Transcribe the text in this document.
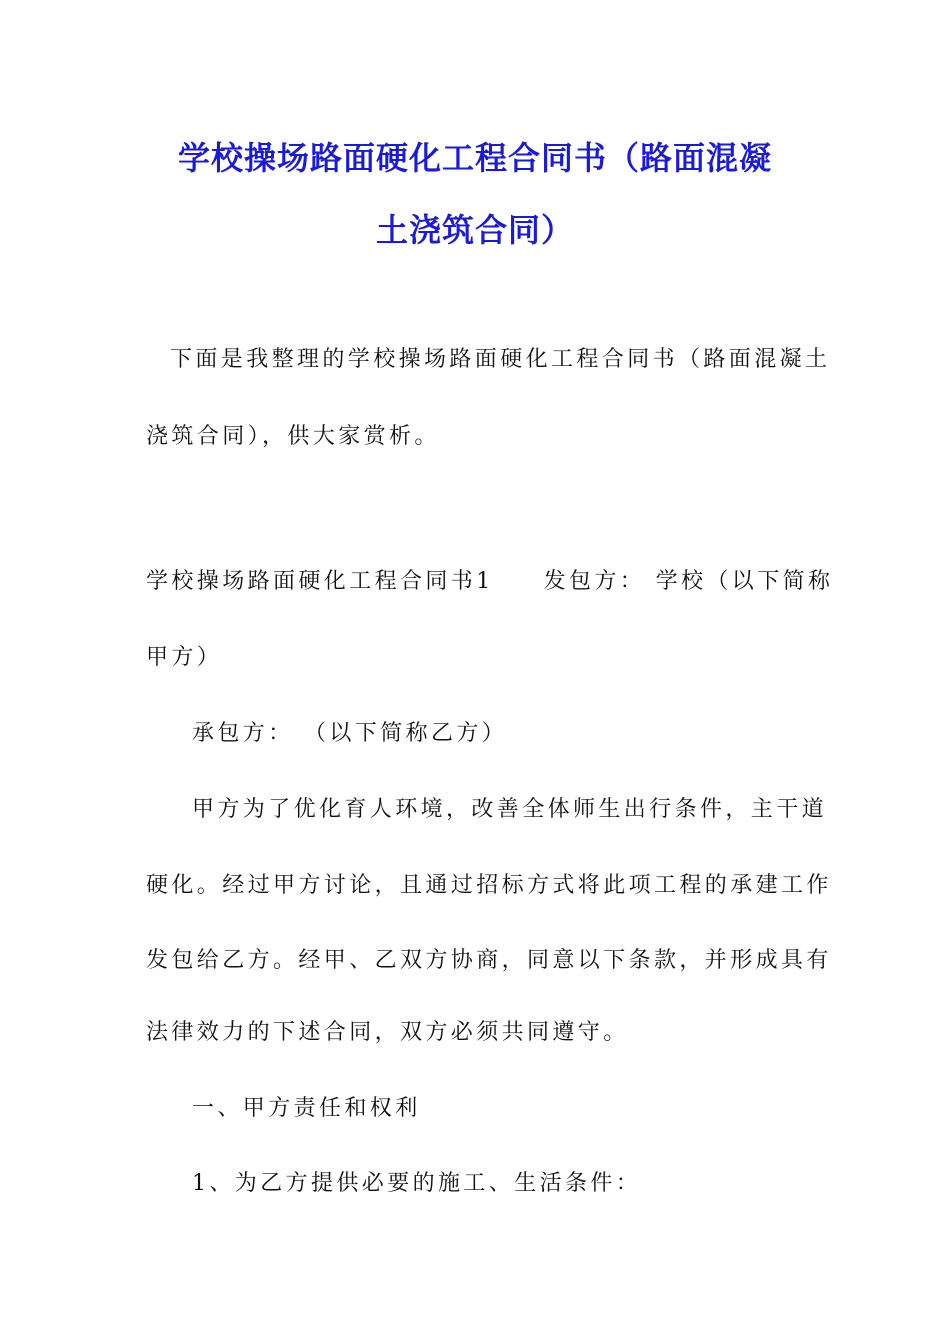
学校操场路面硬化工程合同书（路面混凝
土浇筑合同）
下面是我整理的学校操场路面硬化工程合同书（路面混凝土
浇筑合同），供大家赏析。
学校操场路面硬化工程合同书1 发包方： 学校（以下简称
甲方）
承包方： （以下简称乙方）
甲方为了优化育人环境，改善全体师生出行条件，主干道
硬化。经过甲方讨论，且通过招标方式将此项工程的承建工作
发包给乙方。经甲、乙双方协商，同意以下条款，并形成具有
法律效力的下述合同，双方必须共同遵守。
一、甲方责任和权利
1、为乙方提供必要的施工、生活条件：
